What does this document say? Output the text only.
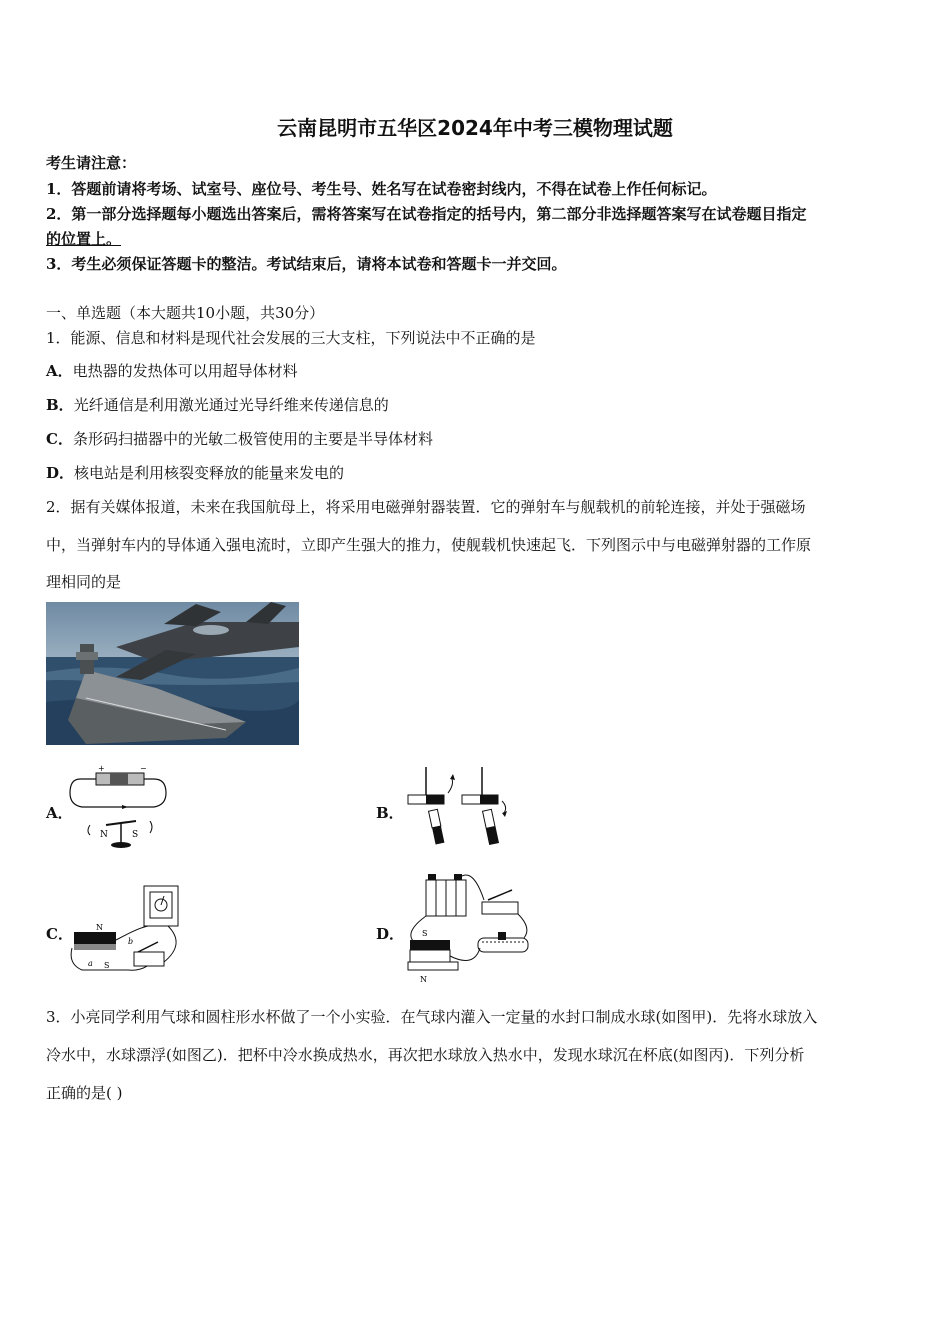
云南昆明市五华区2024年中考三模物理试题
考生请注意：
1．答题前请将考场、试室号、座位号、考生号、姓名写在试卷密封线内，不得在试卷上作任何标记。
2．第一部分选择题每小题选出答案后，需将答案写在试卷指定的括号内，第二部分非选择题答案写在试卷题目指定
的位置上。
3．考生必须保证答题卡的整洁。考试结束后，请将本试卷和答题卡一并交回。
一、单选题（本大题共10小题，共30分）
1．能源、信息和材料是现代社会发展的三大支柱，下列说法中不正确的是
A．电热器的发热体可以用超导体材料
B．光纤通信是利用激光通过光导纤维来传递信息的
C．条形码扫描器中的光敏二极管使用的主要是半导体材料
D．核电站是利用核裂变释放的能量来发电的
2．据有关媒体报道，未来在我国航母上，将采用电磁弹射器装置．它的弹射车与舰载机的前轮连接，并处于强磁场
中，当弹射车内的导体通入强电流时，立即产生强大的推力，使舰载机快速起飞．下列图示中与电磁弹射器的工作原
理相同的是
A．	B．
C．	D．
+	−
N	S
N
S
a
b
S
N
3．小亮同学利用气球和圆柱形水杯做了一个小实验．在气球内灌入一定量的水封口制成水球(如图甲)．先将水球放入
冷水中，水球漂浮(如图乙)．把杯中冷水换成热水，再次把水球放入热水中，发现水球沉在杯底(如图丙)．下列分析
正确的是( )
